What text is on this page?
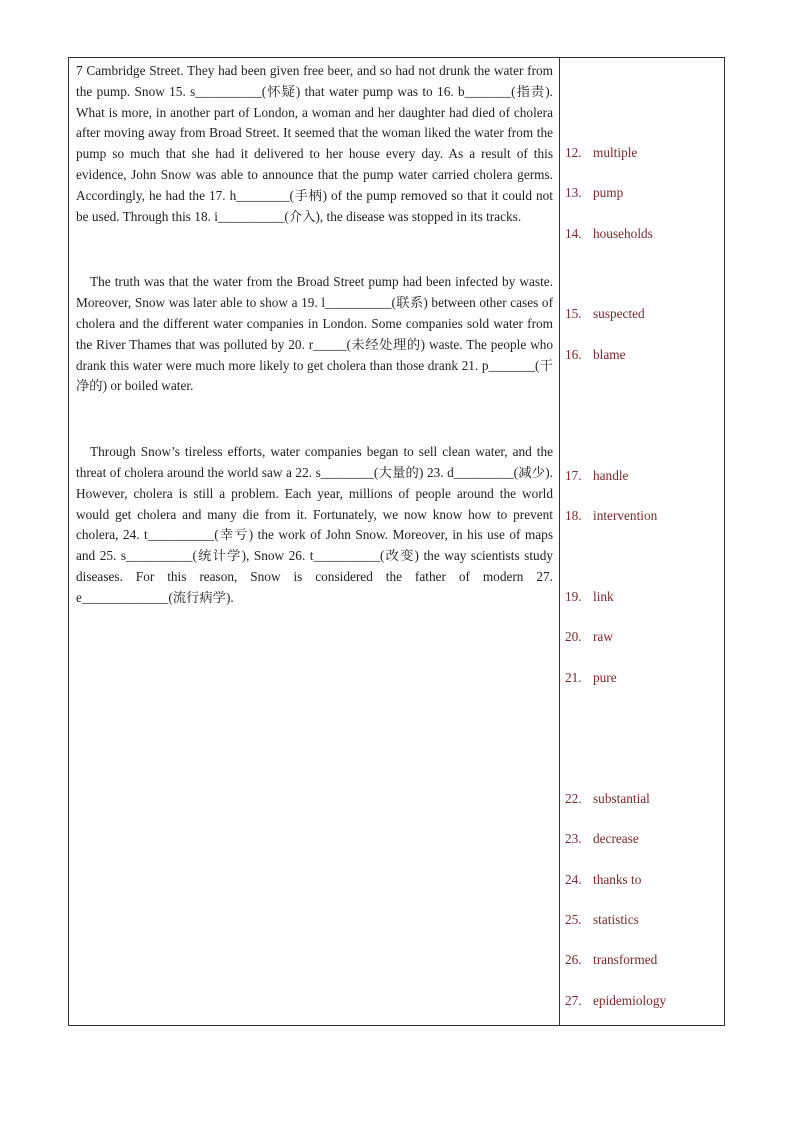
7 Cambridge Street. They had been given free beer, and so had not drunk the water from the pump. Snow 15. s__________(怀疑) that water pump was to 16. b_______(指责). What is more, in another part of London, a woman and her daughter had died of cholera after moving away from Broad Street. It seemed that the woman liked the water from the pump so much that she had it delivered to her house every day. As a result of this evidence, John Snow was able to announce that the pump water carried cholera germs. Accordingly, he had the 17. h________(手柄) of the pump removed so that it could not be used. Through this 18. i__________(介入), the disease was stopped in its tracks.

The truth was that the water from the Broad Street pump had been infected by waste. Moreover, Snow was later able to show a 19. l__________(联系) between other cases of cholera and the different water companies in London. Some companies sold water from the River Thames that was polluted by 20. r_____(未经处理的) waste. The people who drank this water were much more likely to get cholera than those drank 21. p_______(干净的) or boiled water.

Through Snow’s tireless efforts, water companies began to sell clean water, and the threat of cholera around the world saw a 22. s________(大量的) 23. d_________(减少). However, cholera is still a problem. Each year, millions of people around the world would get cholera and many die from it. Fortunately, we now know how to prevent cholera, 24. t__________(幸亏) the work of John Snow. Moreover, in his use of maps and 25. s__________(统计学), Snow 26. t__________(改变) the way scientists study diseases. For this reason, Snow is considered the father of modern 27. e_____________(流行病学).

12. multiple
13. pump
14. households
15. suspected
16. blame
17. handle
18. intervention
19. link
20. raw
21. pure
22. substantial
23. decrease
24. thanks to
25. statistics
26. transformed
27. epidemiology
